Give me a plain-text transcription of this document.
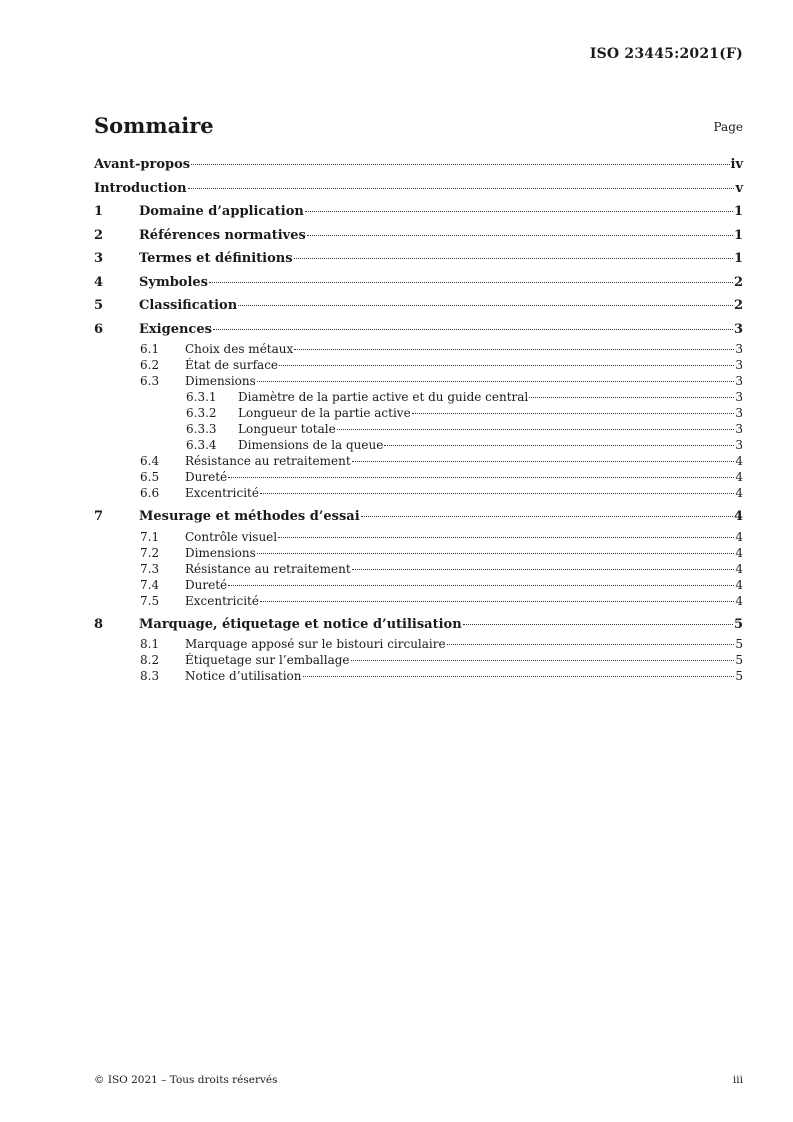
ISO 23445:2021(F)
Sommaire	Page
Avant-propos	iv
Introduction	v
1	Domaine d’application	1
2	Références normatives	1
3	Termes et définitions	1
4	Symboles	2
5	Classification	2
6	Exigences	3
6.1	Choix des métaux	3
6.2	État de surface	3
6.3	Dimensions	3
6.3.1	Diamètre de la partie active et du guide central	3
6.3.2	Longueur de la partie active	3
6.3.3	Longueur totale	3
6.3.4	Dimensions de la queue	3
6.4	Résistance au retraitement	4
6.5	Dureté	4
6.6	Excentricité	4
7	Mesurage et méthodes d’essai	4
7.1	Contrôle visuel	4
7.2	Dimensions	4
7.3	Résistance au retraitement	4
7.4	Dureté	4
7.5	Excentricité	4
8	Marquage, étiquetage et notice d’utilisation	5
8.1	Marquage apposé sur le bistouri circulaire	5
8.2	Étiquetage sur l’emballage	5
8.3	Notice d’utilisation	5
© ISO 2021 – Tous droits réservés	iii
